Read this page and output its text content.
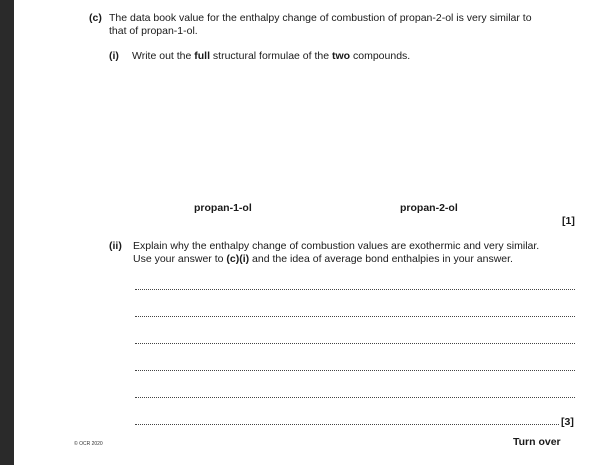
(c) The data book value for the enthalpy change of combustion of propan-2-ol is very similar to
that of propan-1-ol.
(i) Write out the full structural formulae of the two compounds.
propan-1-ol	propan-2-ol
[1]
(ii) Explain why the enthalpy change of combustion values are exothermic and very similar.
Use your answer to (c)(i) and the idea of average bond enthalpies in your answer.
[3]
© OCR 2020	Turn over
